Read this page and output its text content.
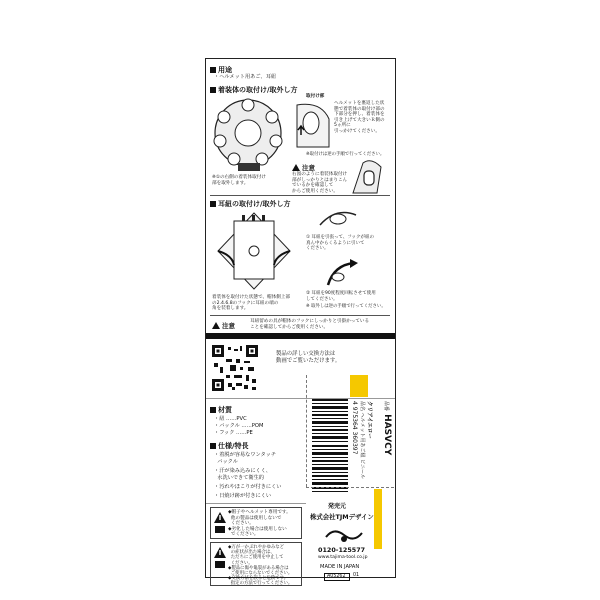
用途
・ヘルメット用あご、耳紐
着装体の取付け/取外し方
※①の右側の着装体取付け
部を取外します。
取付け部
ヘルメットを裏返した状
態で着装体の取付け部の
下部分を押し、着装体を
引き上げて大きいＲ側の
5ヵ所に
引っかけてください。
※取付けは逆の手順で行ってください。
注意
右図のように着装体取付け
部がしっかりとはまりこん
でいるかを確認して
からご使用ください。
耳紐の取付け/取外し方
着装体を取付けた状態で、帽体側上部
の2.4.6.8のフックに耳紐の端の
角を装着します。
① 耳紐を引張って、フックが紐の
真ん中からくるように引いて
ください。
② 耳紐を90度程度回転させて使用
してください。
※ 取外しは逆の手順で行ってください。
注意
耳紐留めの具が帽体のフックにしっかりと引掛かっている
ことを確認してからご使用ください。
製品の詳しい交換方法は
動画でご覧いただけます。
材質
・紐 ……PVC
・バックル ……POM
・フック ……PE
仕様/特長
・着脱が容易なワンタッチ
バックル
・汗が染み込みにくく、
水洗いできて衛生的
・汚れやほこりが付きにくい
・日焼け跡が付きにくい
4 975364 360397 品名 ヘルメット用あご紐 ビニール クリアイエロー	品番 HASVCY
◆帽子やヘルメット専用です。
他の製品は使用しないで
ください。
◆劣化した場合は使用しない
でください。
◆万が一かぶれやかゆみなど
の症状が出た場合は、
ただちにご使用を中止して
ください。
◆製品に傷や亀裂がある場合は
ご使用にならないでください。
◆交換方法を誤ると危険です。
指定の方法で行ってください。
発売元
株式会社TJMデザイン
0120-125577
www.tajima-tool.co.jp
MADE IN JAPAN
A05262 01
